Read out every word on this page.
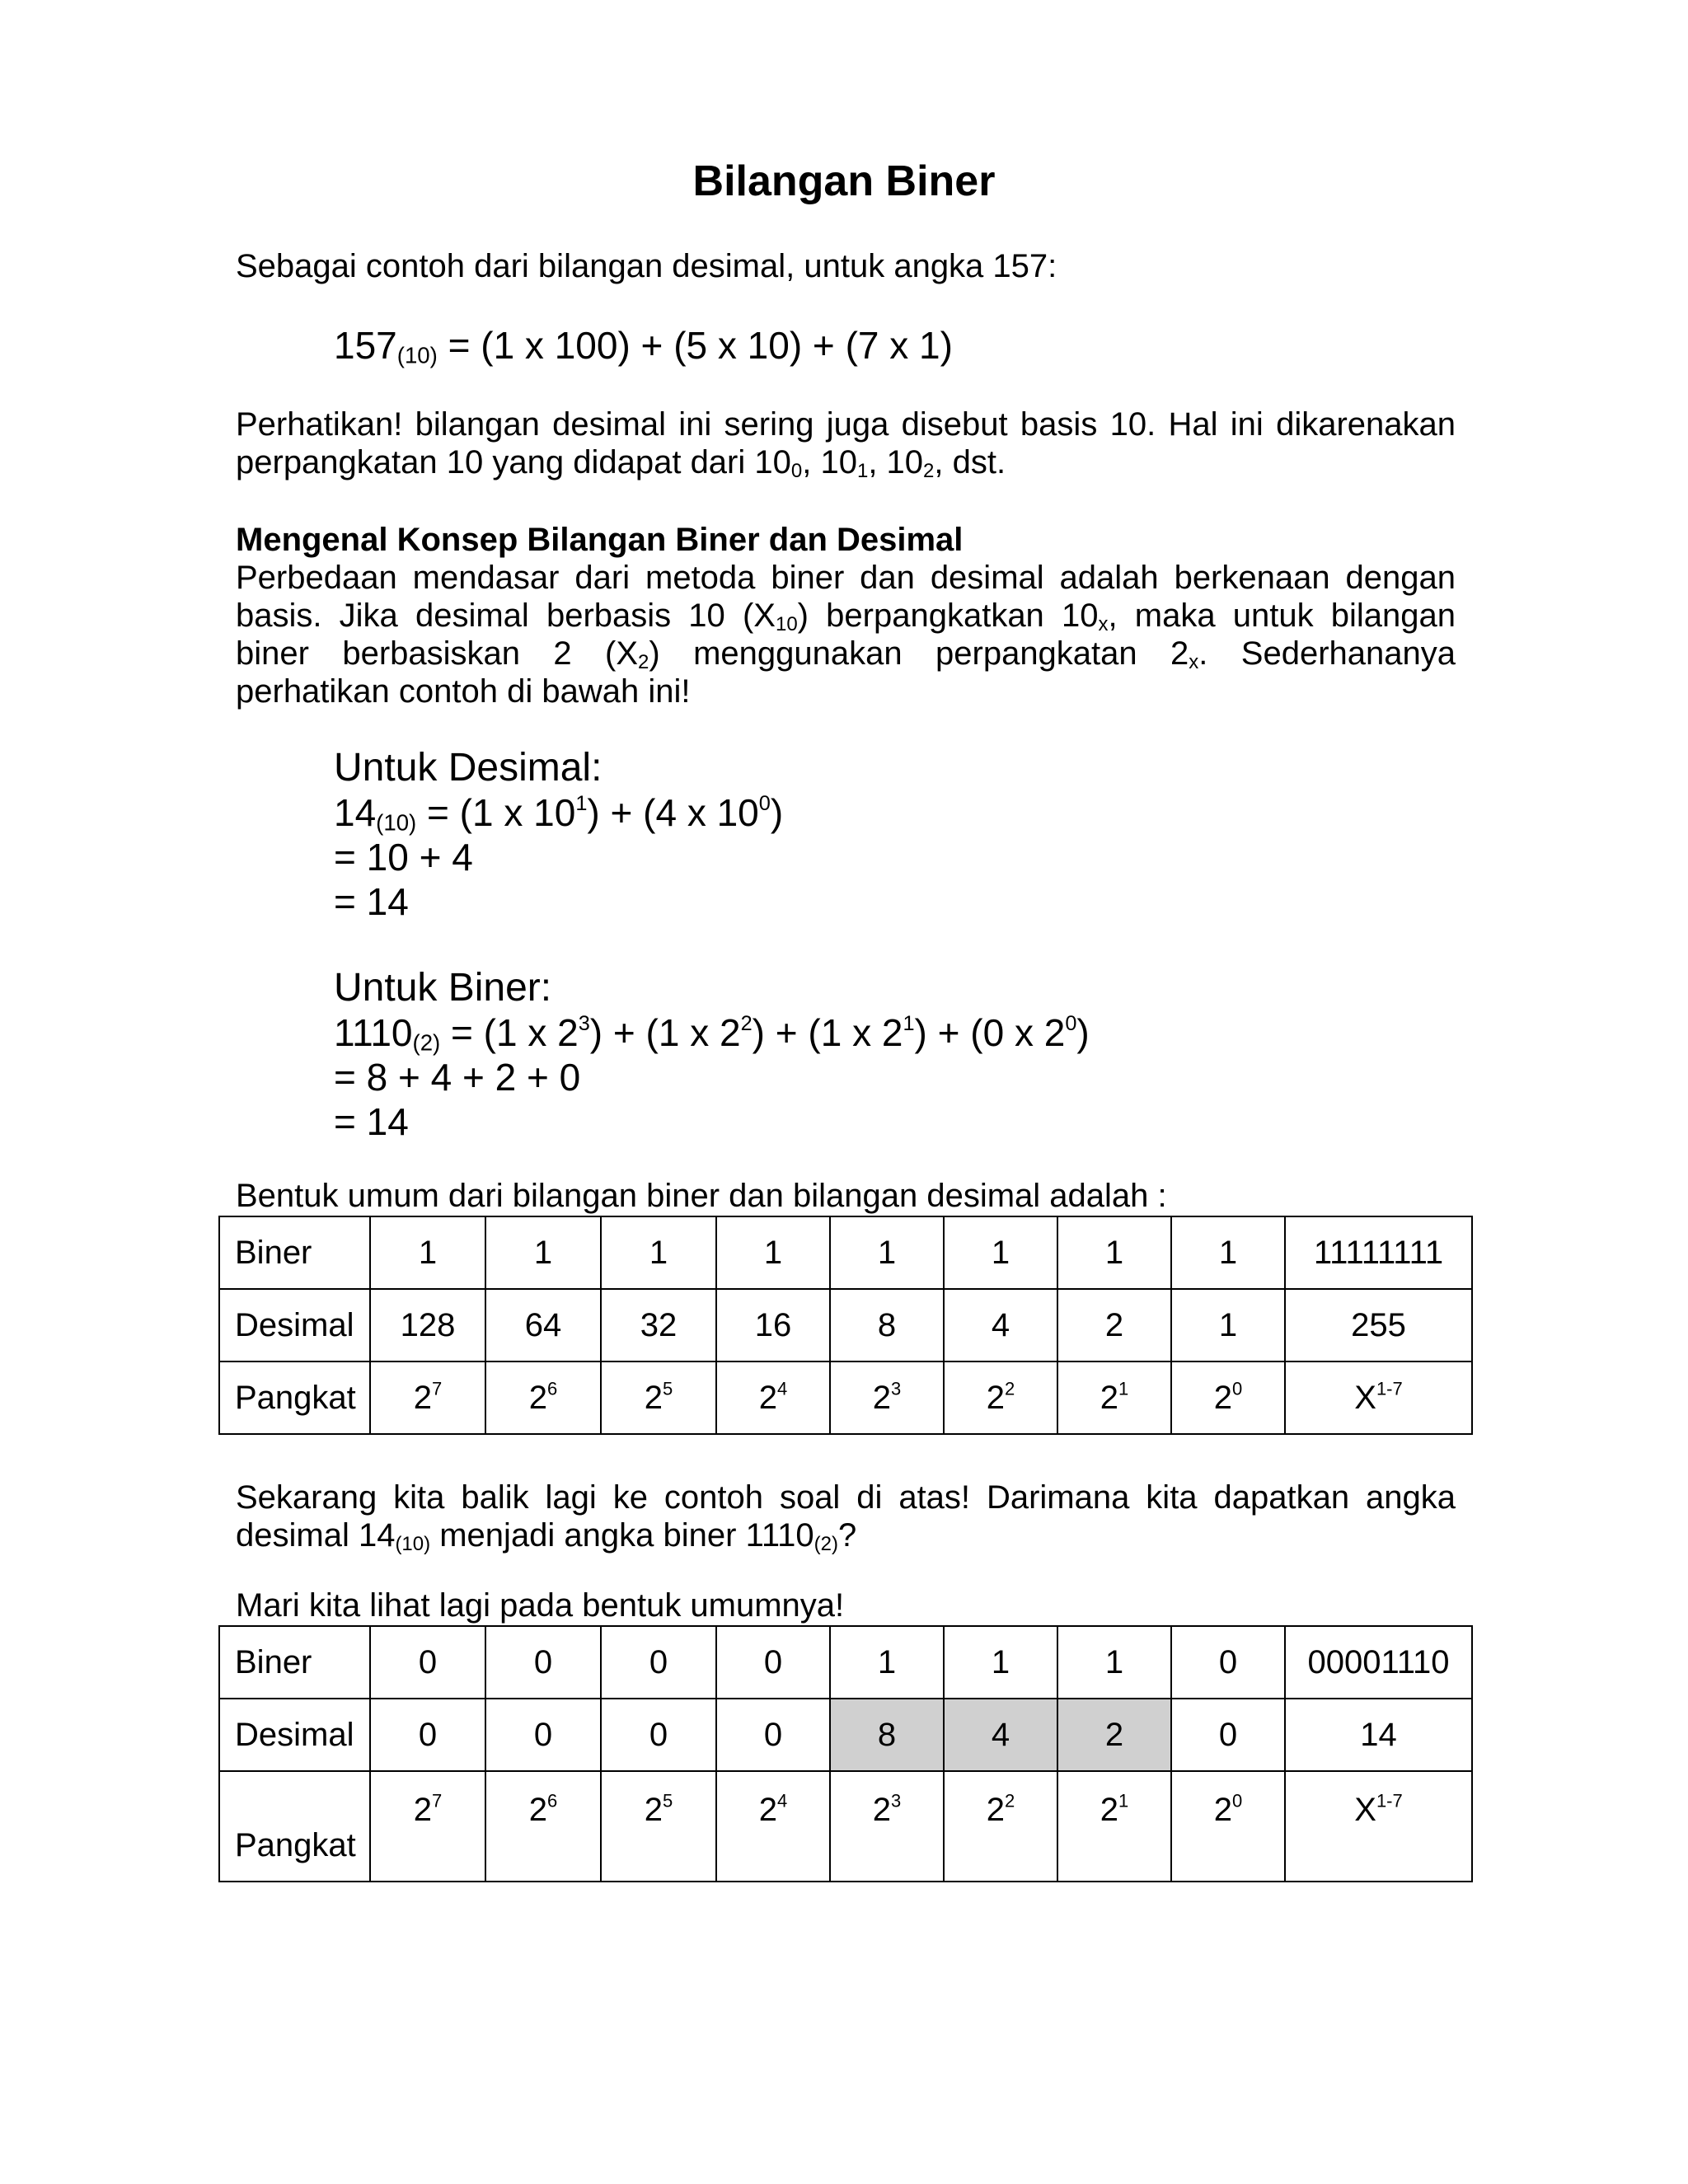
Bilangan Biner
Sebagai contoh dari bilangan desimal, untuk angka 157:
$157_{(10)} = (1$ x 100) + (5 x 10) + (7 x 1)
Perhatikan! bilangan desimal ini sering juga disebut basis 10. Hal ini dikarenakan
perpangkatan 10 yang didapat dari $10_0$, $10_1$, $10_2$, dst.
Mengenal Konsep Bilangan Biner dan Desimal
Perbedaan mendasar dari metoda biner dan desimal adalah berkenaan dengan
basis. Jika desimal berbasis 10 $(X_{10})$ berpangkatkan $10_x$, maka untuk bilangan
biner berbasiskan 2 $(X_2)$ menggunakan perpangkatan $2_x$. Sederhananya
perhatikan contoh di bawah ini!
Untuk Desimal:
$14_{(10)} = (1$ x $10^1) + (4$ x $10^0$)
= 10 + 4
= 14
Untuk Biner:
$1110_{(2)} = (1$ x $2^3) + (1$ x $2^2) + (1$ x $2^1) + (0$ x $2^0$)
= 8 + 4 + 2 + 0
= 14
Bentuk umum dari bilangan biner dan bilangan desimal adalah :
Biner	1	1	1	1	1	1	1	1	11111111
Desimal	128	64	32	16	8	4	2	1	255
Pangkat	$2^7$	$2^6$	$2^5$	$2^4$	$2^3$	$2^2$	$2^1$	$2^0$	$X^{1-7}$
Sekarang kita balik lagi ke contoh soal di atas! Darimana kita dapatkan angka
desimal $14_{(10)}$ menjadi angka biner $1110_{(2)}$?
Mari kita lihat lagi pada bentuk umumnya!
Biner	0	0	0	0	1	1	1	0	00001110
Desimal	0	0	0	0	8	4	2	0	14
Pangkat	$2^7$	$2^6$	$2^5$	$2^4$	$2^3$	$2^2$	$2^1$	$2^0$	$X^{1-7}$
